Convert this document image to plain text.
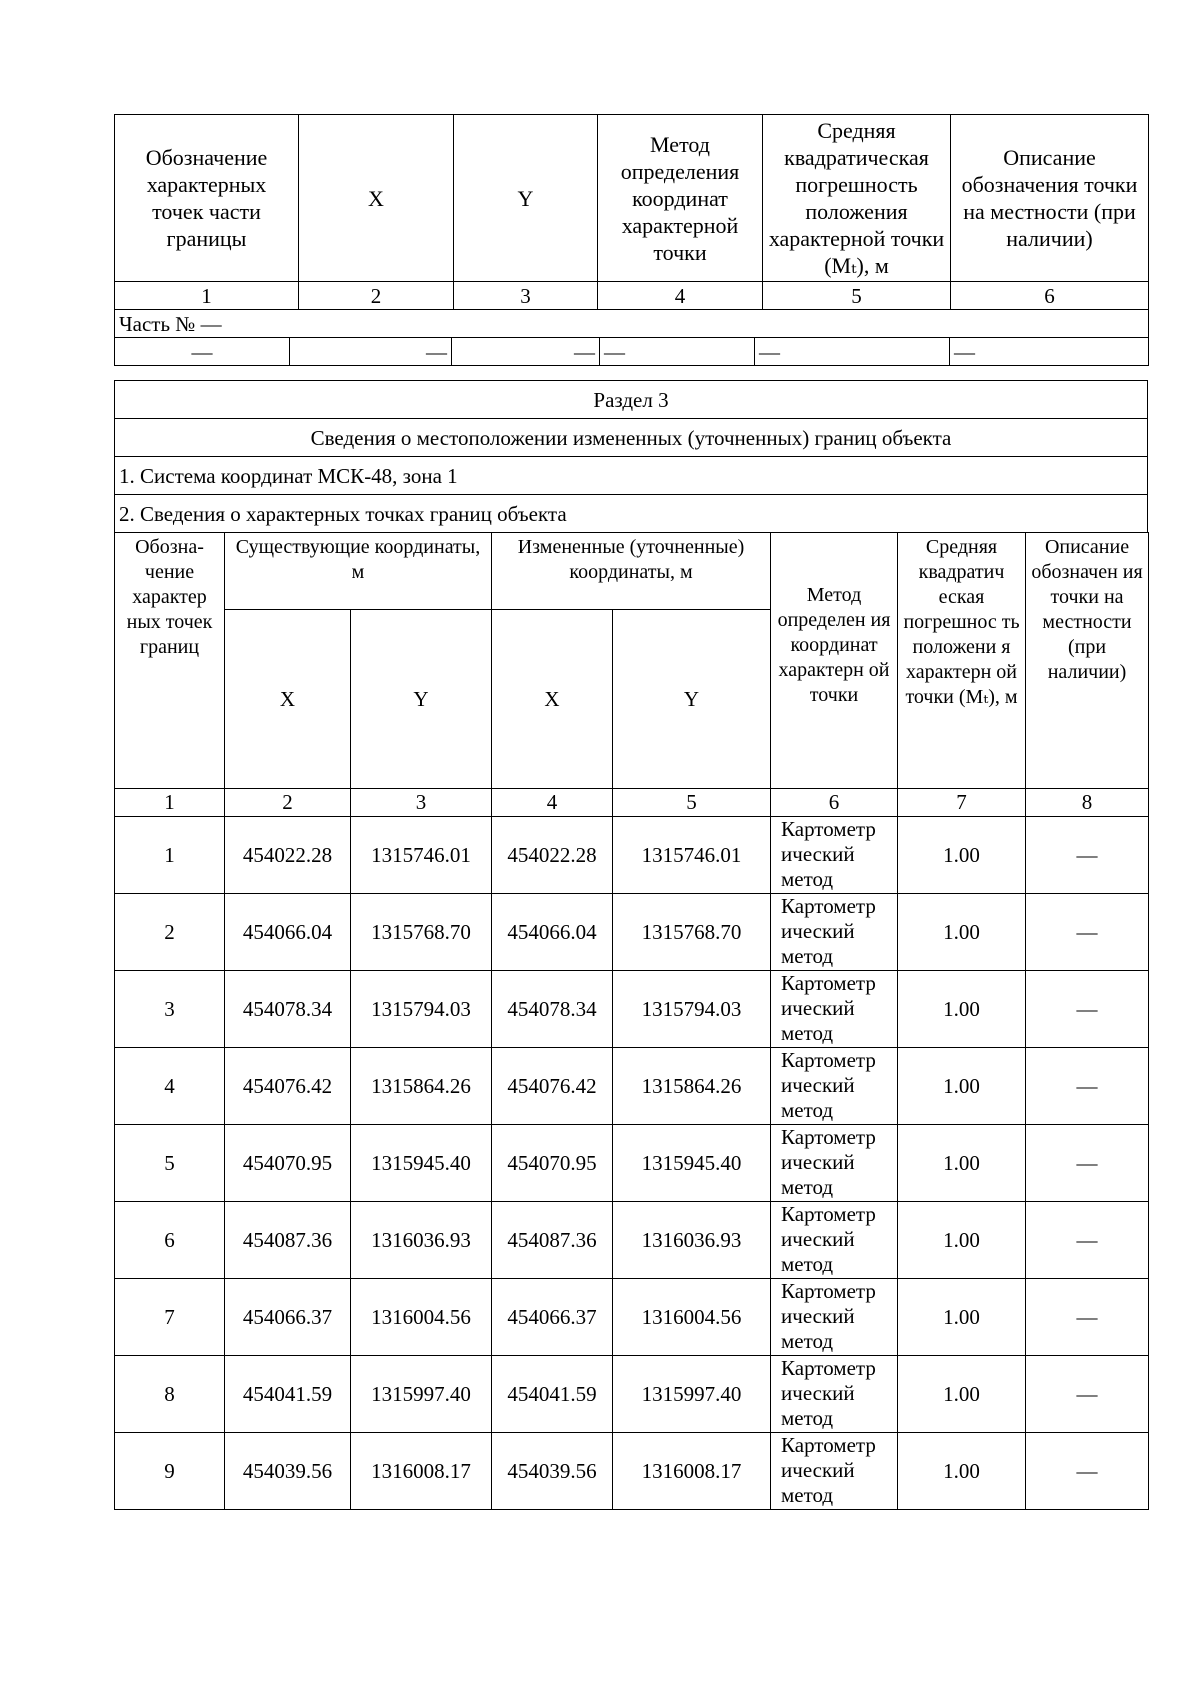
Обозначение характерных точек части границы	X	Y	Метод определения координат характерной точки	Средняя квадратическая погрешность положения характерной точки (Mₜ), м	Описание обозначения точки на местности (при наличии)
1	2	3	4	5	6
Часть № —
—	—	—	—	—	—
Раздел 3
Сведения о местоположении измененных (уточненных) границ объекта
1. Система координат МСК-48, зона 1
2. Сведения о характерных точках границ объекта
Обозна-чение характер ных точек границ	Существующие координаты, м		Измененные (уточненные) координаты, м		Метод определен ия координат характерн ой точки	Средняя квадратич еская погрешнос ть положени я характерн ой точки (Mₜ), м	Описание обозначен ия точки на местности (при наличии)
	X	Y	X	Y			
1	2	3	4	5	6	7	8
1	454022.28	1315746.01	454022.28	1315746.01	Картометр ический метод	1.00	—
2	454066.04	1315768.70	454066.04	1315768.70	Картометр ический метод	1.00	—
3	454078.34	1315794.03	454078.34	1315794.03	Картометр ический метод	1.00	—
4	454076.42	1315864.26	454076.42	1315864.26	Картометр ический метод	1.00	—
5	454070.95	1315945.40	454070.95	1315945.40	Картометр ический метод	1.00	—
6	454087.36	1316036.93	454087.36	1316036.93	Картометр ический метод	1.00	—
7	454066.37	1316004.56	454066.37	1316004.56	Картометр ический метод	1.00	—
8	454041.59	1315997.40	454041.59	1315997.40	Картометр ический метод	1.00	—
9	454039.56	1316008.17	454039.56	1316008.17	Картометр ический метод	1.00	—
